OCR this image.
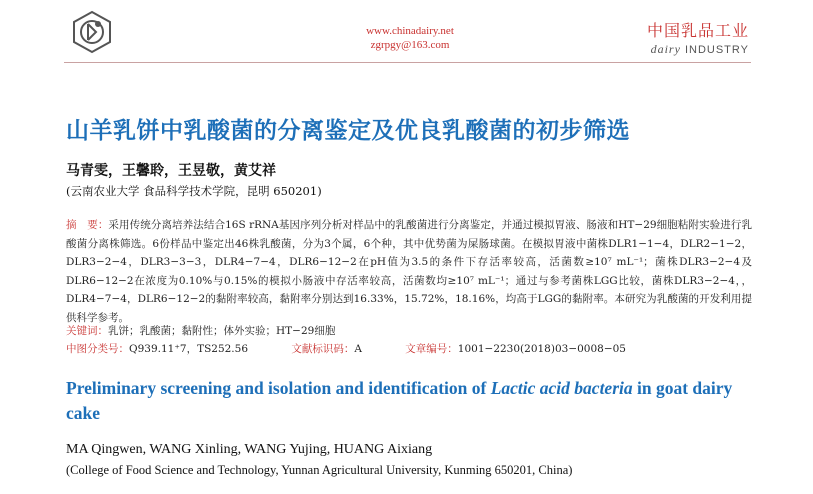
www.chinadairy.net
zgrpgy@163.com
中国乳品工业
dairy INDUSTRY
山羊乳饼中乳酸菌的分离鉴定及优良乳酸菌的初步筛选
马青雯，王馨聆，王昱敬，黄艾祥
(云南农业大学 食品科学技术学院，昆明 650201)
摘　要：采用传统分离培养法结合16S rRNA基因序列分析对样品中的乳酸菌进行分离鉴定，并通过模拟胃液、肠液和HT−29细胞粘附实验进行乳酸菌分离株筛选。6份样品中鉴定出46株乳酸菌，分为3个属，6个种，其中优势菌为屎肠球菌。在模拟胃液中菌株DLR1−1−4，DLR2−1−2，DLR3−2−4，DLR3−3−3，DLR4−7−4，DLR6−12−2在pH值为3.5的条件下存活率较高，活菌数≥10⁷ mL⁻¹；菌株DLR3−2−4及DLR6−12−2在浓度为0.10%与0.15%的模拟小肠液中存活率较高，活菌数均≥10⁷ mL⁻¹；通过与参考菌株LGG比较，菌株DLR3−2−4，，DLR4−7−4，DLR6−12−2的黏附率较高，黏附率分别达到16.33%，15.72%，18.16%，均高于LGG的黏附率。本研究为乳酸菌的开发利用提供科学参考。
关键词：乳饼；乳酸菌；黏附性；体外实验；HT−29细胞
中图分类号：Q939.11⁺7，TS252.56	文献标识码：A	文章编号：1001−2230(2018)03−0008−05
Preliminary screening and isolation and identification of Lactic acid bacteria in goat dairy cake
MA Qingwen, WANG Xinling, WANG Yujing, HUANG Aixiang
(College of Food Science and Technology, Yunnan Agricultural University, Kunming 650201, China)
